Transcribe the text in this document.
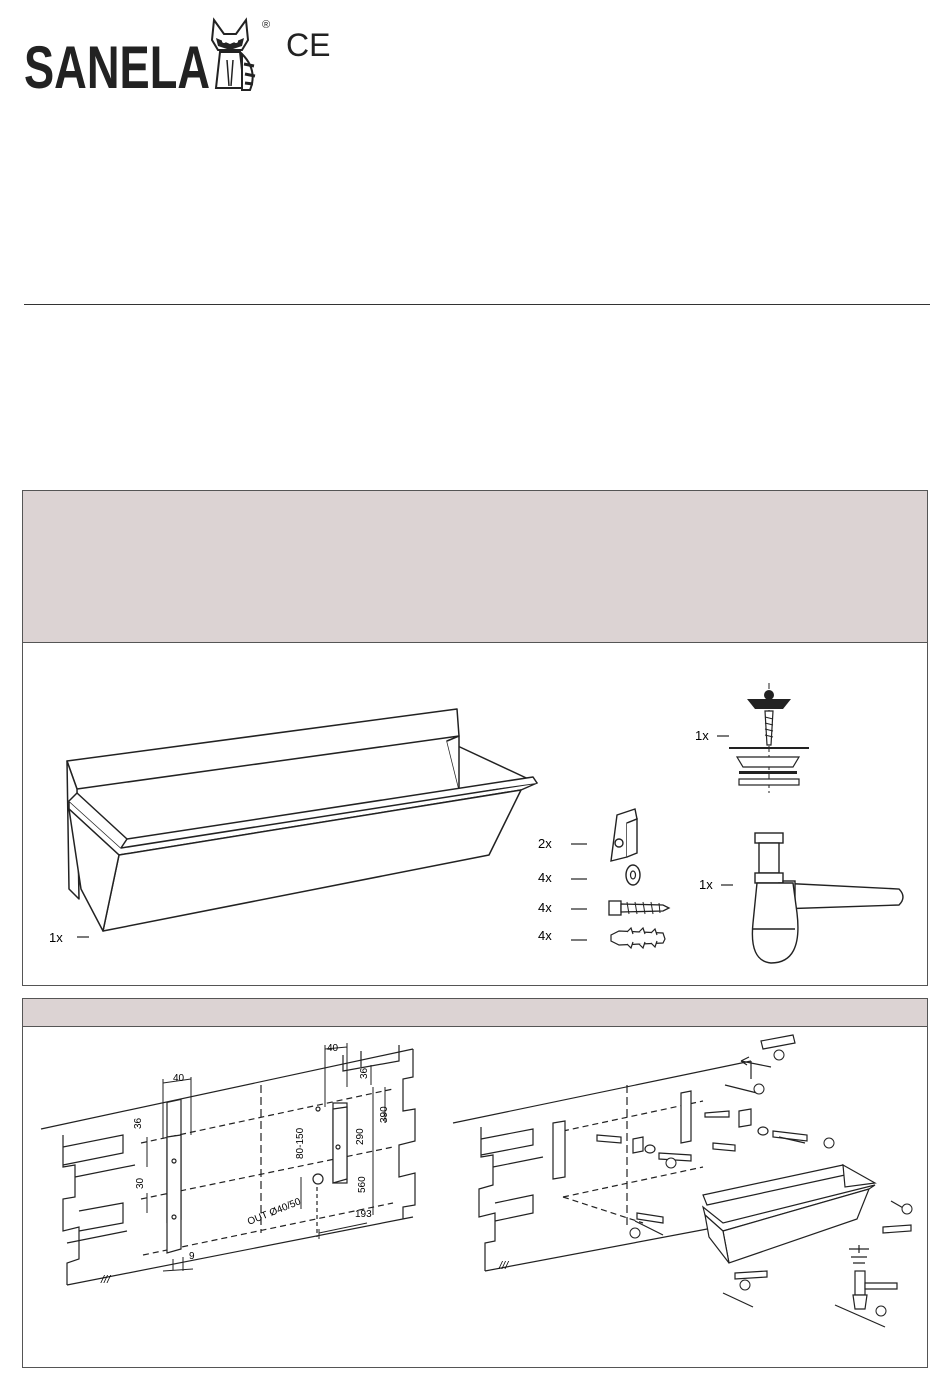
SANELA
®
CE
1x
2x
4x
4x
4x
1x
1x
40
36
30
9
40
36
390
290
560
80-150
OUT Ø40/50	193
///
///
